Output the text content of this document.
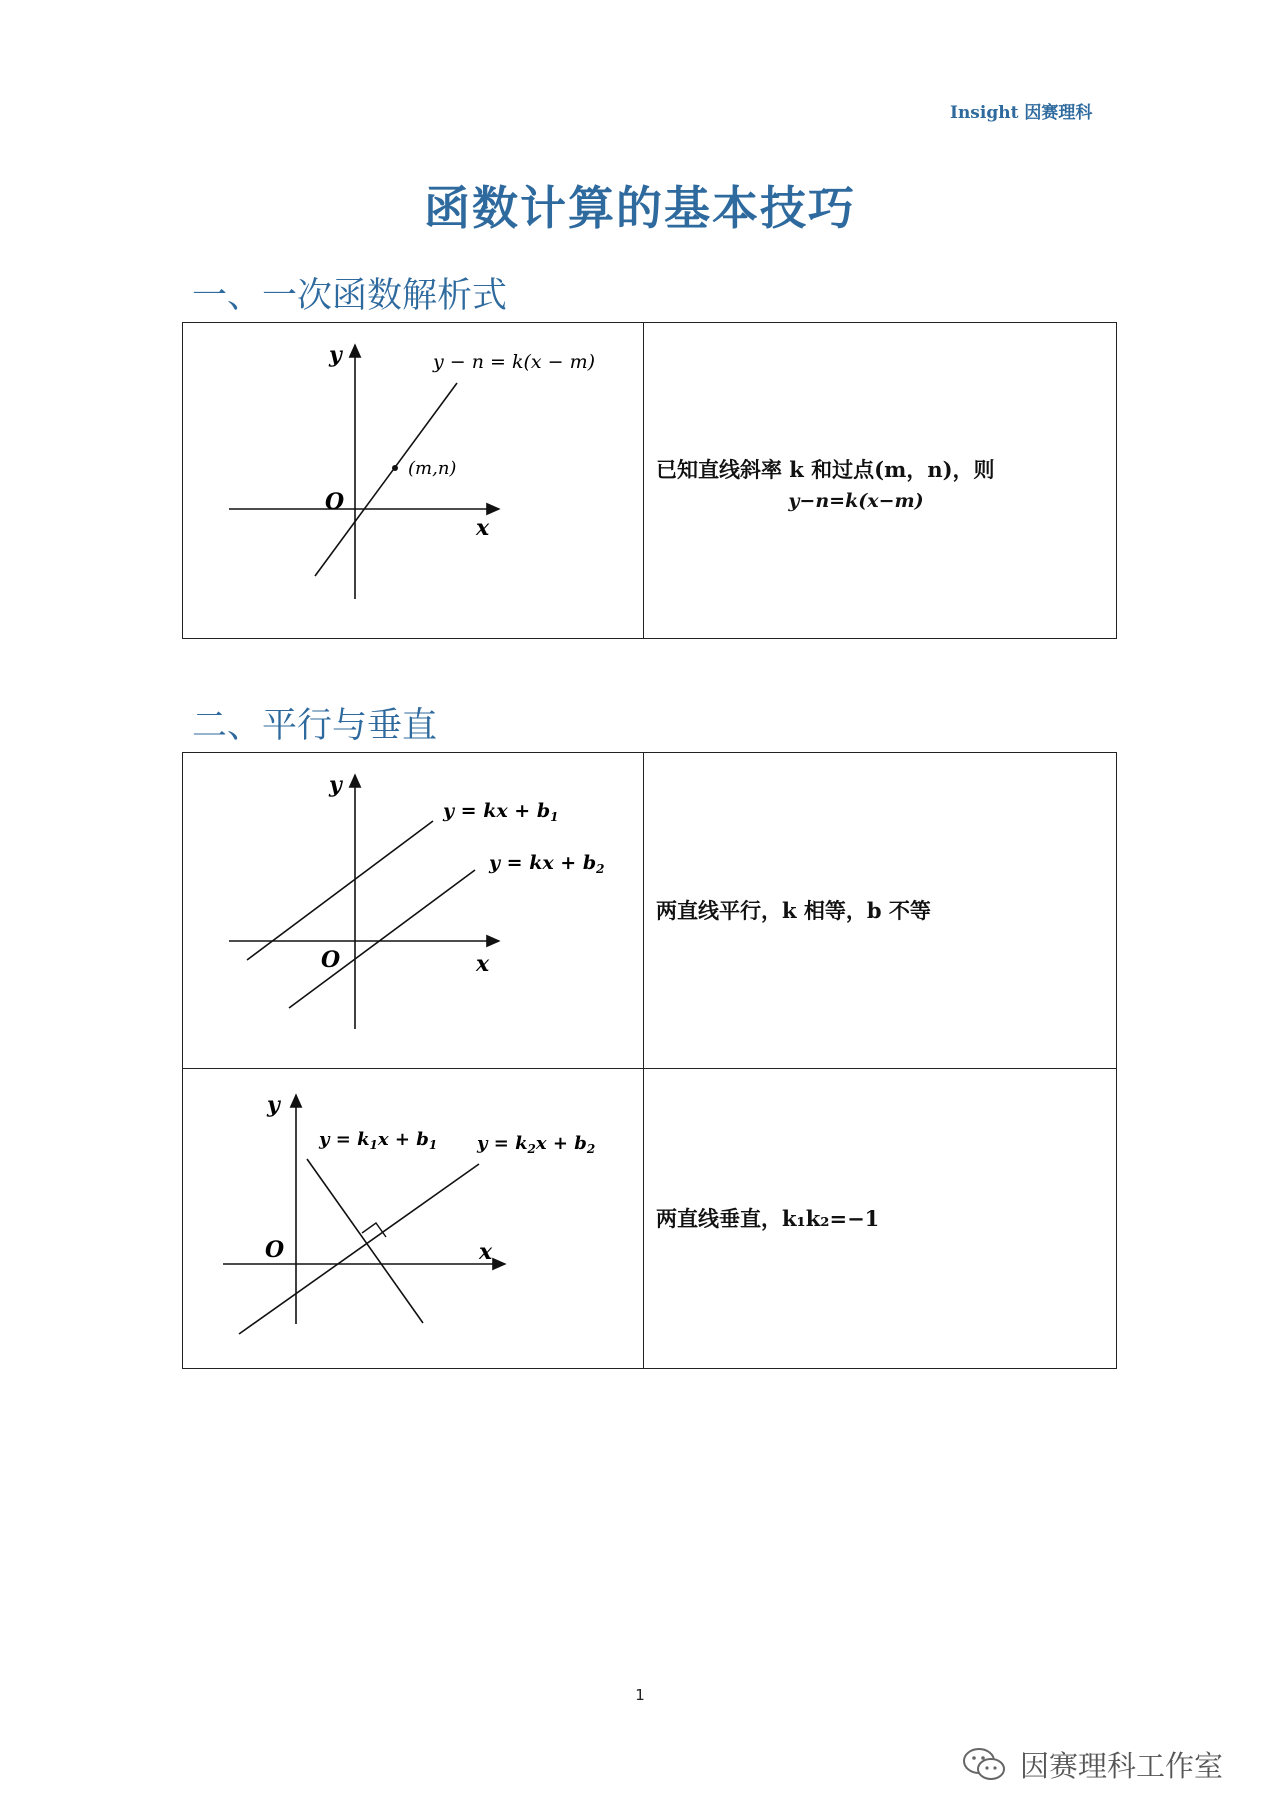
Insight 因赛理科
函数计算的基本技巧
一、一次函数解析式
y
x
O
y − n = k(x − m)
(m,n)	已知直线斜率 k 和过点(m，n)，则
y−n=k(x−m)
二、平行与垂直
y
x
O
y = kx + $b_1$
y = kx + $b_2$	两直线平行，k 相等，b 不等

y
x
O
$y = k_1x + b_1$ $y = k_2x + b_2$	两直线垂直，k₁k₂=−1
1
因赛理科工作室
